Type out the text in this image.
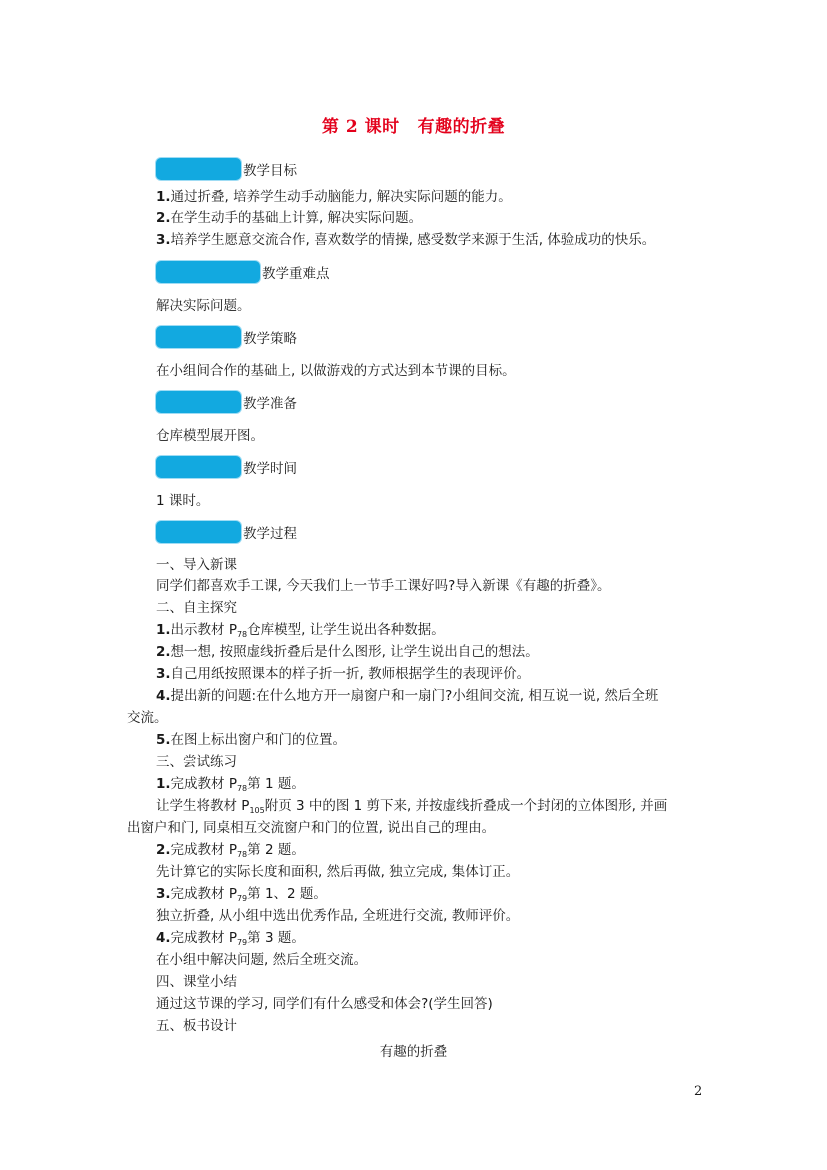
第 2 课时 有趣的折叠
教学目标
1.通过折叠, 培养学生动手动脑能力, 解决实际问题的能力。
2.在学生动手的基础上计算, 解决实际问题。
3.培养学生愿意交流合作, 喜欢数学的情操, 感受数学来源于生活, 体验成功的快乐。
教学重难点
解决实际问题。
教学策略
在小组间合作的基础上, 以做游戏的方式达到本节课的目标。
教学准备
仓库模型展开图。
教学时间
1 课时。
教学过程
一、导入新课
同学们都喜欢手工课, 今天我们上一节手工课好吗?导入新课《有趣的折叠》。
二、自主探究
1.出示教材 $P_{78}$仓库模型, 让学生说出各种数据。
2.想一想, 按照虚线折叠后是什么图形, 让学生说出自己的想法。
3.自己用纸按照课本的样子折一折, 教师根据学生的表现评价。
4.提出新的问题:在什么地方开一扇窗户和一扇门?小组间交流, 相互说一说, 然后全班
交流。
5.在图上标出窗户和门的位置。
三、尝试练习
1.完成教材 $P_{78}$第 1 题。
让学生将教材 $P_{105}$附页 3 中的图 1 剪下来, 并按虚线折叠成一个封闭的立体图形, 并画
出窗户和门, 同桌相互交流窗户和门的位置, 说出自己的理由。
2.完成教材 $P_{78}$第 2 题。
先计算它的实际长度和面积, 然后再做, 独立完成, 集体订正。
3.完成教材 $P_{79}$第 1、2 题。
独立折叠, 从小组中选出优秀作品, 全班进行交流, 教师评价。
4.完成教材 $P_{79}$第 3 题。
在小组中解决问题, 然后全班交流。
四、课堂小结
通过这节课的学习, 同学们有什么感受和体会?(学生回答)
五、板书设计
有趣的折叠
2
